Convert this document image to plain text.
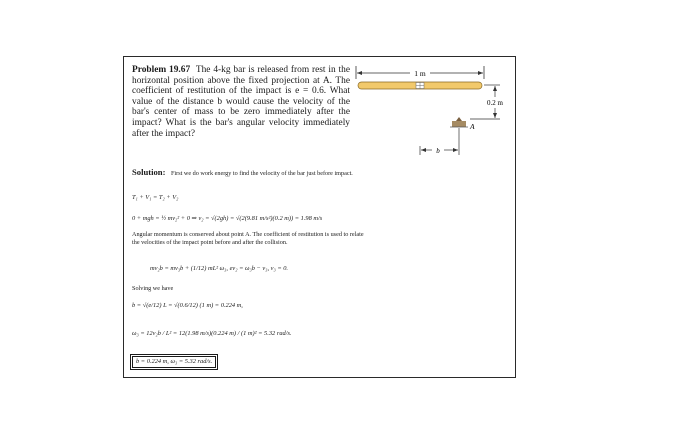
Problem 19.67 The 4-kg bar is released from rest in the horizontal position above the fixed projection at A. The coefficient of restitution of the impact is e = 0.6. What value of the distance b would cause the velocity of the bar's center of mass to be zero immediately after the impact? What is the bar's angular velocity immediately after the impact?
1 m
0.2 m
A
b
Solution: First we do work energy to find the velocity of the bar just before impact.
T₁ + V₁ = T₂ + V₂
0 + mgh = ½ mv₂² + 0 ⇒ v₂ = √(2gh) = √(2(9.81 m/s²)(0.2 m)) = 1.98 m/s
Angular momentum is conserved about point A. The coefficient of restitution is used to relate the velocities of the impact point before and after the collision.
mv₂b = mv₃b + (1/12) mL² ω₃, ev₂ = ω₃b − v₃, v₃ = 0.
Solving we have
b = √(e/12) L = √(0.6/12) (1 m) = 0.224 m,
ω₃ = 12v₂b / L² = 12(1.98 m/s)(0.224 m) / (1 m)² = 5.32 rad/s.
b = 0.224 m, ω₃ = 5.32 rad/s.
